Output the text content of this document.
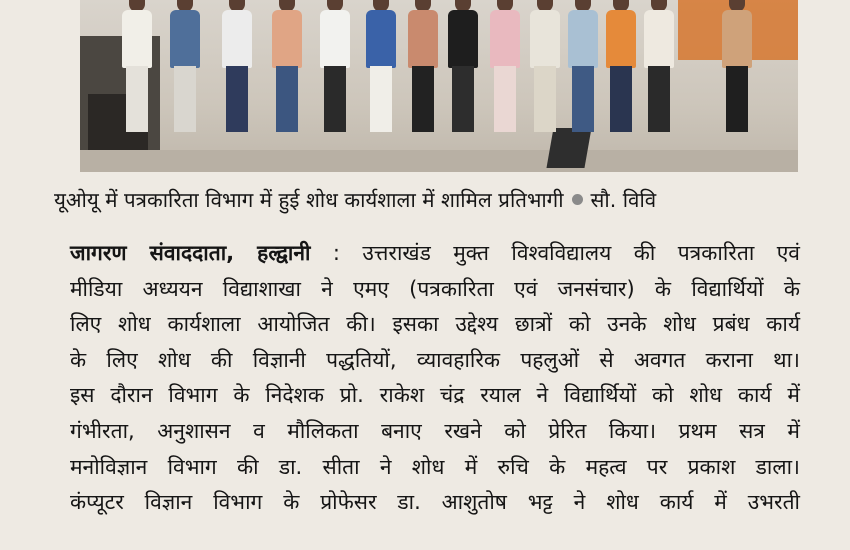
यूओयू में पत्रकारिता विभाग में हुई शोध कार्यशाला में शामिल प्रतिभागी सौ. विवि
जागरण संवाददाता, हल्द्वानी : उत्तराखंड मुक्त विश्वविद्यालय की पत्रकारिता एवं
मीडिया अध्ययन विद्याशाखा ने एमए (पत्रकारिता एवं जनसंचार) के विद्यार्थियों के
लिए शोध कार्यशाला आयोजित की। इसका उद्देश्य छात्रों को उनके शोध प्रबंध कार्य
के लिए शोध की विज्ञानी पद्धतियों, व्यावहारिक पहलुओं से अवगत कराना था।
इस दौरान विभाग के निदेशक प्रो. राकेश चंद्र रयाल ने विद्यार्थियों को शोध कार्य में
गंभीरता, अनुशासन व मौलिकता बनाए रखने को प्रेरित किया। प्रथम सत्र में
मनोविज्ञान विभाग की डा. सीता ने शोध में रुचि के महत्व पर प्रकाश डाला।
कंप्यूटर विज्ञान विभाग के प्रोफेसर डा. आशुतोष भट्ट ने शोध कार्य में उभरती
